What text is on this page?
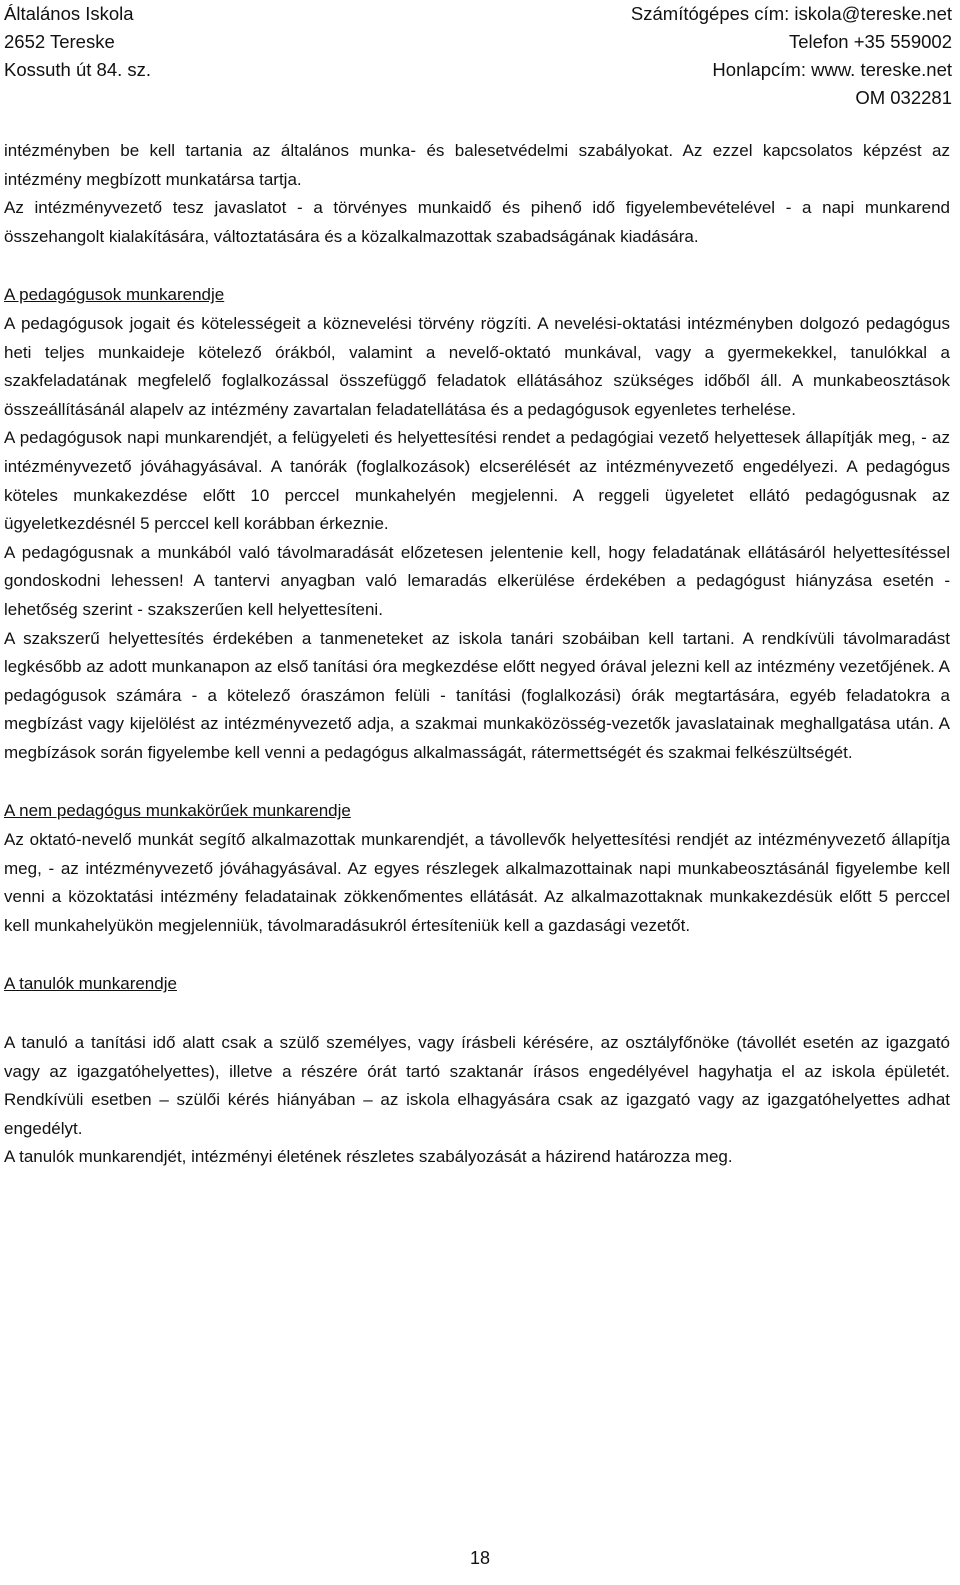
Általános Iskola
2652 Tereske
Kossuth út 84. sz.
Számítógépes cím: iskola@tereske.net
Telefon +35 559002
Honlapcím: www. tereske.net
OM 032281

intézményben be kell tartania az általános munka- és balesetvédelmi szabályokat. Az ezzel kapcsolatos képzést az intézmény megbízott munkatársa tartja.

Az intézményvezető tesz javaslatot - a törvényes munkaidő és pihenő idő figyelembevételével - a napi munkarend összehangolt kialakítására, változtatására és a közalkalmazottak szabadságának kiadására.

A pedagógusok munkarendje

A pedagógusok jogait és kötelességeit a köznevelési törvény rögzíti. A nevelési-oktatási intézményben dolgozó pedagógus heti teljes munkaideje kötelező órákból, valamint a nevelő-oktató munkával, vagy a gyermekekkel, tanulókkal a szakfeladatának megfelelő foglalkozással összefüggő feladatok ellátásához szükséges időből áll. A munkabeosztások összeállításánál alapelv az intézmény zavartalan feladatellátása és a pedagógusok egyenletes terhelése.

A pedagógusok napi munkarendjét, a felügyeleti és helyettesítési rendet a pedagógiai vezető helyettesek állapítják meg, - az intézményvezető jóváhagyásával. A tanórák (foglalkozások) elcserélését az intézményvezető engedélyezi. A pedagógus köteles munkakezdése előtt 10 perccel munkahelyén megjelenni. A reggeli ügyeletet ellátó pedagógusnak az ügyeletkezdésnél 5 perccel kell korábban érkeznie.

A pedagógusnak a munkából való távolmaradását előzetesen jelentenie kell, hogy feladatának ellátásáról helyettesítéssel gondoskodni lehessen! A tantervi anyagban való lemaradás elkerülése érdekében a pedagógust hiányzása esetén - lehetőség szerint - szakszerűen kell helyettesíteni.

A szakszerű helyettesítés érdekében a tanmeneteket az iskola tanári szobáiban kell tartani. A rendkívüli távolmaradást legkésőbb az adott munkanapon az első tanítási óra megkezdése előtt negyed órával jelezni kell az intézmény vezetőjének. A pedagógusok számára - a kötelező óraszámon felüli - tanítási (foglalkozási) órák megtartására, egyéb feladatokra a megbízást vagy kijelölést az intézményvezető adja, a szakmai munkaközösség-vezetők javaslatainak meghallgatása után. A megbízások során figyelembe kell venni a pedagógus alkalmasságát, rátermettségét és szakmai felkészültségét.

A nem pedagógus munkakörűek munkarendje

Az oktató-nevelő munkát segítő alkalmazottak munkarendjét, a távollevők helyettesítési rendjét az intézményvezető állapítja meg, - az intézményvezető jóváhagyásával. Az egyes részlegek alkalmazottainak napi munkabeosztásánál figyelembe kell venni a közoktatási intézmény feladatainak zökkenőmentes ellátását. Az alkalmazottaknak munkakezdésük előtt 5 perccel kell munkahelyükön megjelenniük, távolmaradásukról értesíteniük kell a gazdasági vezetőt.

A tanulók munkarendje

A tanuló a tanítási idő alatt csak a szülő személyes, vagy írásbeli kérésére, az osztályfőnöke (távollét esetén az igazgató vagy az igazgatóhelyettes), illetve a részére órát tartó szaktanár írásos engedélyével hagyhatja el az iskola épületét. Rendkívüli esetben – szülői kérés hiányában – az iskola elhagyására csak az igazgató vagy az igazgatóhelyettes adhat engedélyt.

A tanulók munkarendjét, intézményi életének részletes szabályozását a házirend határozza meg.

18
